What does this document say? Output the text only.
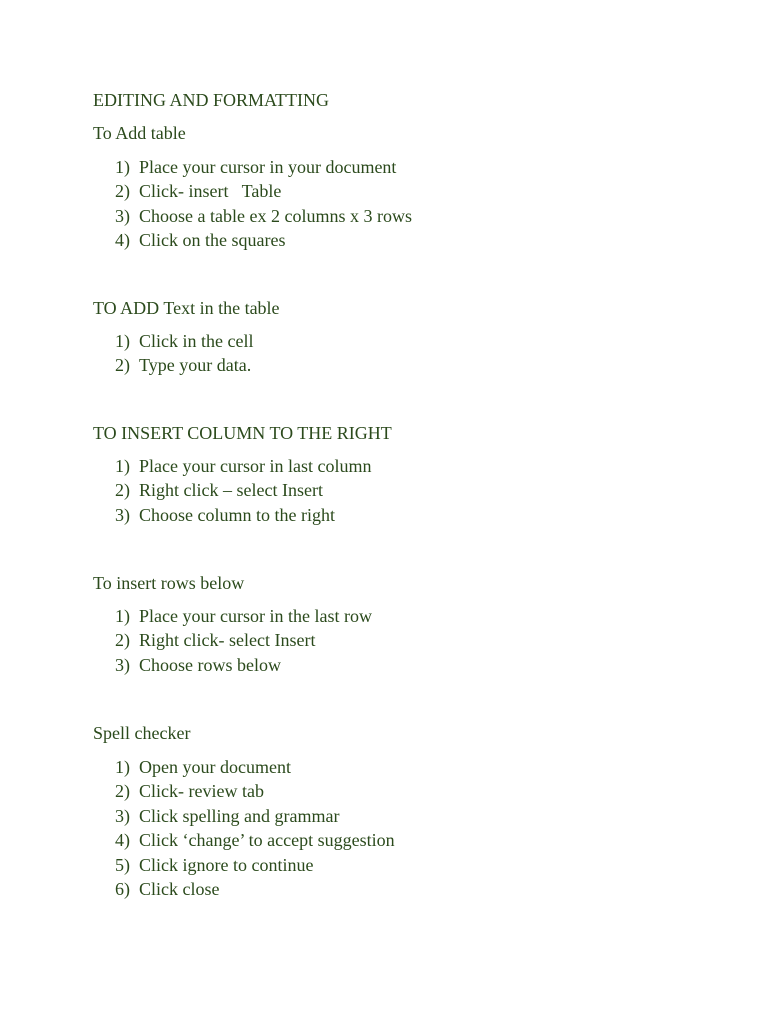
EDITING AND FORMATTING
To Add table
1) Place your cursor in your document
2) Click- insert   Table
3) Choose a table ex 2 columns x 3 rows
4) Click on the squares
TO ADD Text in the table
1) Click in the cell
2) Type your data.
TO INSERT COLUMN TO THE RIGHT
1) Place your cursor in last column
2) Right click – select Insert
3) Choose column to the right
To insert rows below
1) Place your cursor in the last row
2) Right click- select Insert
3) Choose rows below
Spell checker
1) Open your document
2) Click- review tab
3) Click spelling and grammar
4) Click ‘change’ to accept suggestion
5) Click ignore to continue
6) Click close
